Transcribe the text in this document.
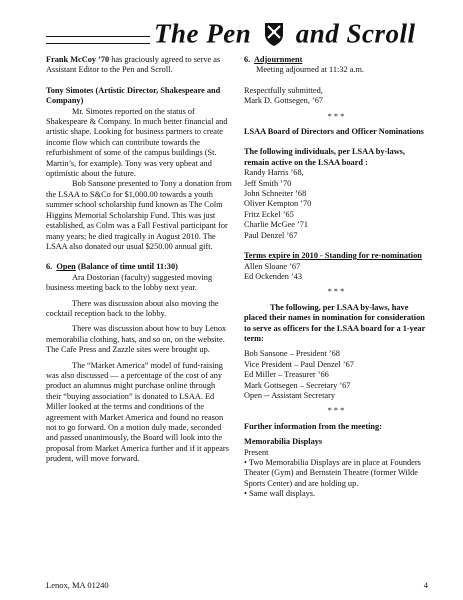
The Pen and Scroll

Frank McCoy ’70 has graciously agreed to serve as Assistant Editor to the Pen and Scroll.

Tony Simotes (Artistic Director, Shakespeare and Company)

Mr. Simotes reported on the status of Shakespeare & Company. In much better financial and artistic shape. Looking for business partners to create income flow which can contribute towards the refurbishment of some of the campus buildings (St. Martin’s, for example). Tony was very upbeat and optimistic about the future.

Bob Sansone presented to Tony a donation from the LSAA to S&Co for $1,000.00 towards a youth summer school scholarship fund known as The Colm Higgins Memorial Scholarship Fund. This was just established, as Colm was a Fall Festival participant for many years; he died tragically in August 2010. The LSAA also donated our usual $250.00 annual gift.

6. Open (Balance of time until 11:30)

Ara Dostorian (faculty) suggested moving business meeting back to the lobby next year.

There was discussion about also moving the cocktail reception back to the lobby.

There was discussion about how to buy Lenox memorabilia clothing, hats, and so on, on the website. The Cafe Press and Zazzle sites were brought up.

The “Market America” model of fund-raising was also discussed — a percentage of the cost of any product an alumnus might purchase online through their “buying association” is donated to LSAA. Ed Miller looked at the terms and conditions of the agreement with Market America and found no reason not to go forward. On a motion duly made, seconded and passed unanimously, the Board will look into the proposal from Market America further and if it appears prudent, will move forward.

6. Adjournment

Meeting adjourned at 11:32 a.m.

Respectfully submitted,

Mark D. Gottsegen, ’67

* * *

LSAA Board of Directors and Officer Nominations

The following individuals, per LSAA by-laws, remain active on the LSAA board :

Randy Harris ’68,

Jeff Smith ’70

John Schneiter ’68

Oliver Kempton ’70

Fritz Eckel ’65

Charlie McGee ’71

Paul Denzel ’67

Terms expire in 2010 - Standing for re-nomination

Allen Sloane ’67

Ed Ockenden ’43

* * *

The following, per LSAA by-laws, have placed their names in nomination for consideration to serve as officers for the LSAA board for a 1-year term:

Bob Sansone – President ’68

Vice President – Paul Denzel ’67

Ed Miller – Treasurer ’66

Mark Gottsegen – Secretary ’67

Open -- Assistant Secretary

* * *

Further information from the meeting:

Memorabilia Displays

Present

• Two Memorabilia Displays are in place at Founders Theater (Gym) and Bernstein Theatre (former Wilde Sports Center) and are holding up.

• Same wall displays.

Lenox, MA 01240	4
